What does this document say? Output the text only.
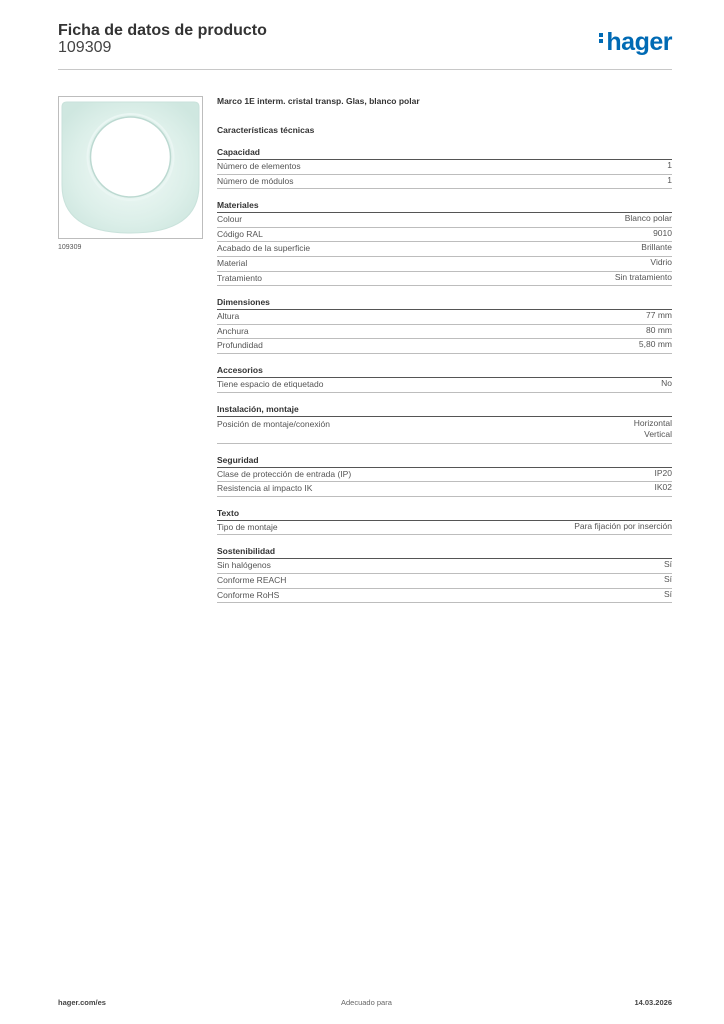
Ficha de datos de producto
109309	hager
109309
Marco 1E interm. cristal transp. Glas, blanco polar
Características técnicas
Capacidad
Número de elementos	1
Número de módulos	1
Materiales
Colour	Blanco polar
Código RAL	9010
Acabado de la superficie	Brillante
Material	Vidrio
Tratamiento	Sin tratamiento
Dimensiones
Altura	77 mm
Anchura	80 mm
Profundidad	5,80 mm
Accesorios
Tiene espacio de etiquetado	No
Instalación, montaje
Posición de montaje/conexión	Horizontal
Vertical
Seguridad
Clase de protección de entrada (IP)	IP20
Resistencia al impacto IK	IK02
Texto
Tipo de montaje	Para fijación por inserción
Sostenibilidad
Sin halógenos	Sí
Conforme REACH	Sí
Conforme RoHS	Sí
hager.com/es	Adecuado para	14.03.2026
